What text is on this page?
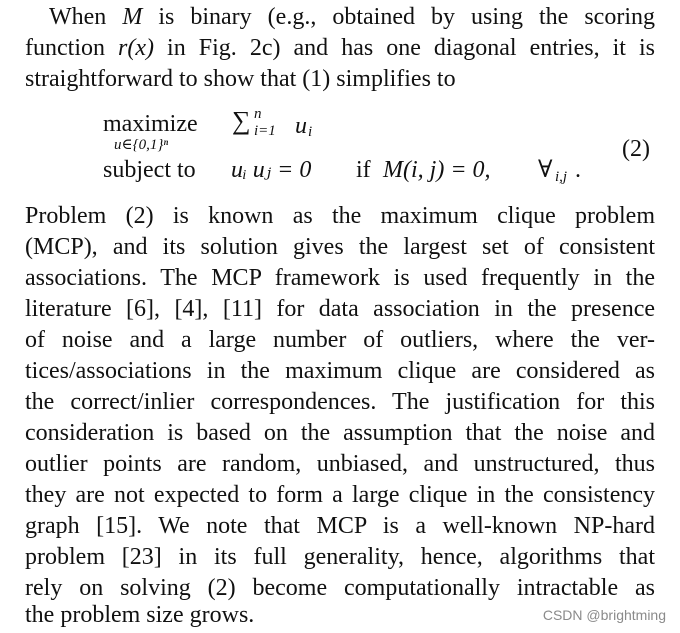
When M is binary (e.g., obtained by using the scoring
function r(x) in Fig. 2c) and has one diagonal entries, it is
straightforward to show that (1) simplifies to
maximize
u∈{0,1}ⁿ
∑ n
i=1 u i
subject to uᵢ uⱼ = 0 if M(i, j) = 0, ∀ i,j .
(2)
Problem (2) is known as the maximum clique problem
(MCP), and its solution gives the largest set of consistent
associations. The MCP framework is used frequently in the
literature [6], [4], [11] for data association in the presence
of noise and a large number of outliers, where the ver-
tices/associations in the maximum clique are considered as
the correct/inlier correspondences. The justification for this
consideration is based on the assumption that the noise and
outlier points are random, unbiased, and unstructured, thus
they are not expected to form a large clique in the consistency
graph [15]. We note that MCP is a well-known NP-hard
problem [23] in its full generality, hence, algorithms that
rely on solving (2) become computationally intractable as
the problem size grows.	CSDN @brightming
